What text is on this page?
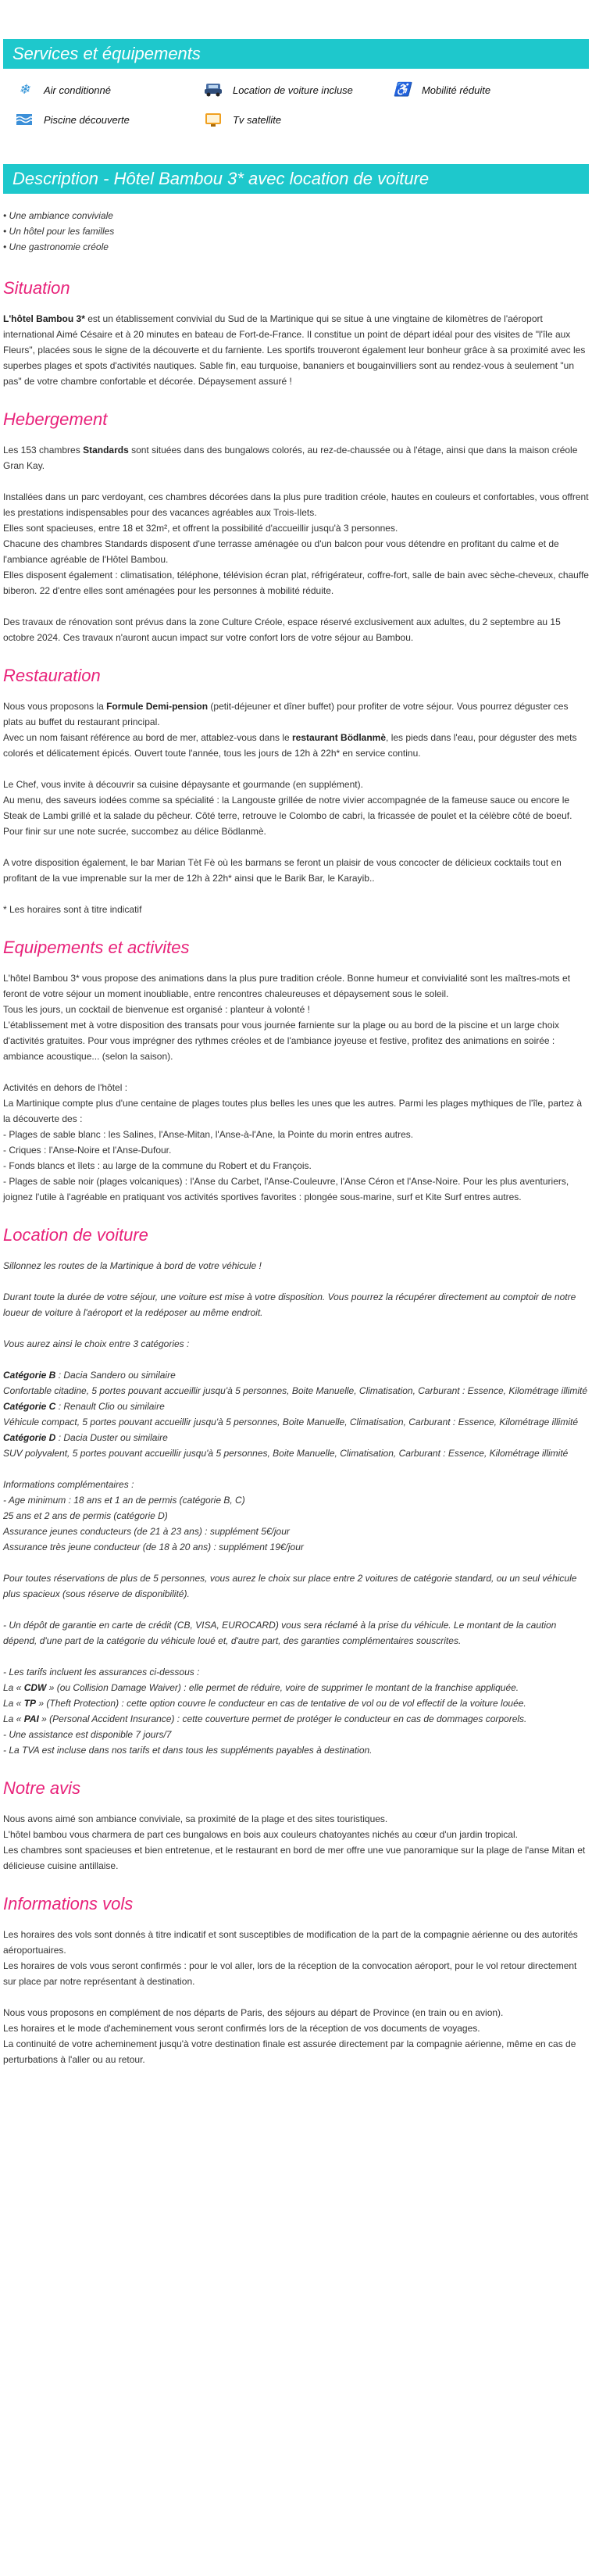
Services et équipements
❄	Air conditionné	Location de voiture incluse	♿	Mobilité réduite
Piscine découverte	Tv satellite
Description - Hôtel Bambou 3* avec location de voiture
• Une ambiance conviviale
• Un hôtel pour les familles
• Une gastronomie créole
Situation

L'hôtel Bambou 3* est un établissement convivial du Sud de la Martinique qui se situe à une vingtaine de kilomètres de l'aéroport international Aimé Césaire et à 20 minutes en bateau de Fort-de-France. Il constitue un point de départ idéal pour des visites de "l'île aux Fleurs", placées sous le signe de la découverte et du farniente. Les sportifs trouveront également leur bonheur grâce à sa proximité avec les superbes plages et spots d'activités nautiques. Sable fin, eau turquoise, bananiers et bougainvilliers sont au rendez-vous à seulement "un pas" de votre chambre confortable et décorée. Dépaysement assuré !

Hebergement

Les 153 chambres Standards sont situées dans des bungalows colorés, au rez-de-chaussée ou à l'étage, ainsi que dans la maison créole Gran Kay.

Installées dans un parc verdoyant, ces chambres décorées dans la plus pure tradition créole, hautes en couleurs et confortables, vous offrent les prestations indispensables pour des vacances agréables aux Trois-Ilets.
Elles sont spacieuses, entre 18 et 32m², et offrent la possibilité d'accueillir jusqu'à 3 personnes.
Chacune des chambres Standards disposent d'une terrasse aménagée ou d'un balcon pour vous détendre en profitant du calme et de l'ambiance agréable de l'Hôtel Bambou.
Elles disposent également : climatisation, téléphone, télévision écran plat, réfrigérateur, coffre-fort, salle de bain avec sèche-cheveux, chauffe biberon. 22 d'entre elles sont aménagées pour les personnes à mobilité réduite.

Des travaux de rénovation sont prévus dans la zone Culture Créole, espace réservé exclusivement aux adultes, du 2 septembre au 15 octobre 2024. Ces travaux n'auront aucun impact sur votre confort lors de votre séjour au Bambou.

Restauration

Nous vous proposons la Formule Demi-pension (petit-déjeuner et dîner buffet) pour profiter de votre séjour. Vous pourrez déguster ces plats au buffet du restaurant principal.
Avec un nom faisant référence au bord de mer, attablez-vous dans le restaurant Bödlanmè, les pieds dans l'eau, pour déguster des mets colorés et délicatement épicés. Ouvert toute l'année, tous les jours de 12h à 22h* en service continu.

Le Chef, vous invite à découvrir sa cuisine dépaysante et gourmande (en supplément).
Au menu, des saveurs iodées comme sa spécialité : la Langouste grillée de notre vivier accompagnée de la fameuse sauce ou encore le Steak de Lambi grillé et la salade du pêcheur. Côté terre, retrouve le Colombo de cabri, la fricassée de poulet et la célèbre côté de boeuf. Pour finir sur une note sucrée, succombez au délice Bödlanmè.

A votre disposition également, le bar Marian Tèt Fè où les barmans se feront un plaisir de vous concocter de délicieux cocktails tout en profitant de la vue imprenable sur la mer de 12h à 22h* ainsi que le Barik Bar, le Karayib..

* Les horaires sont à titre indicatif

Equipements et activites

L'hôtel Bambou 3* vous propose des animations dans la plus pure tradition créole. Bonne humeur et convivialité sont les maîtres-mots et feront de votre séjour un moment inoubliable, entre rencontres chaleureuses et dépaysement sous le soleil.
Tous les jours, un cocktail de bienvenue est organisé : planteur à volonté !
L'établissement met à votre disposition des transats pour vous journée farniente sur la plage ou au bord de la piscine et un large choix d'activités gratuites. Pour vous imprégner des rythmes créoles et de l'ambiance joyeuse et festive, profitez des animations en soirée : ambiance acoustique... (selon la saison).

Activités en dehors de l'hôtel :
La Martinique compte plus d'une centaine de plages toutes plus belles les unes que les autres. Parmi les plages mythiques de l'île, partez à la découverte des :
- Plages de sable blanc : les Salines, l'Anse-Mitan, l'Anse-à-l'Ane, la Pointe du morin entres autres.
- Criques : l'Anse-Noire et l'Anse-Dufour.
- Fonds blancs et îlets : au large de la commune du Robert et du François.
- Plages de sable noir (plages volcaniques) : l'Anse du Carbet, l'Anse-Couleuvre, l'Anse Céron et l'Anse-Noire. Pour les plus aventuriers, joignez l'utile à l'agréable en pratiquant vos activités sportives favorites : plongée sous-marine, surf et Kite Surf entres autres.

Location de voiture

Sillonnez les routes de la Martinique à bord de votre véhicule !

Durant toute la durée de votre séjour, une voiture est mise à votre disposition. Vous pourrez la récupérer directement au comptoir de notre loueur de voiture à l'aéroport et la redéposer au même endroit.

Vous aurez ainsi le choix entre 3 catégories :

Catégorie B : Dacia Sandero ou similaire
Confortable citadine, 5 portes pouvant accueillir jusqu'à 5 personnes, Boite Manuelle, Climatisation, Carburant : Essence, Kilométrage illimité
Catégorie C : Renault Clio ou similaire
Véhicule compact, 5 portes pouvant accueillir jusqu'à 5 personnes, Boite Manuelle, Climatisation, Carburant : Essence, Kilométrage illimité
Catégorie D : Dacia Duster ou similaire
SUV polyvalent, 5 portes pouvant accueillir jusqu'à 5 personnes, Boite Manuelle, Climatisation, Carburant : Essence, Kilométrage illimité

Informations complémentaires :
- Age minimum : 18 ans et 1 an de permis (catégorie B, C)
25 ans et 2 ans de permis (catégorie D)
Assurance jeunes conducteurs (de 21 à 23 ans) : supplément 5€/jour
Assurance très jeune conducteur (de 18 à 20 ans) : supplément 19€/jour

Pour toutes réservations de plus de 5 personnes, vous aurez le choix sur place entre 2 voitures de catégorie standard, ou un seul véhicule plus spacieux (sous réserve de disponibilité).

- Un dépôt de garantie en carte de crédit (CB, VISA, EUROCARD) vous sera réclamé à la prise du véhicule. Le montant de la caution dépend, d'une part de la catégorie du véhicule loué et, d'autre part, des garanties complémentaires souscrites.

- Les tarifs incluent les assurances ci-dessous :
La « CDW » (ou Collision Damage Waiver) : elle permet de réduire, voire de supprimer le montant de la franchise appliquée.
La « TP » (Theft Protection) : cette option couvre le conducteur en cas de tentative de vol ou de vol effectif de la voiture louée.
La « PAI » (Personal Accident Insurance) : cette couverture permet de protéger le conducteur en cas de dommages corporels.
- Une assistance est disponible 7 jours/7
- La TVA est incluse dans nos tarifs et dans tous les suppléments payables à destination.

Notre avis

Nous avons aimé son ambiance conviviale, sa proximité de la plage et des sites touristiques.
L'hôtel bambou vous charmera de part ces bungalows en bois aux couleurs chatoyantes nichés au cœur d'un jardin tropical.
Les chambres sont spacieuses et bien entretenue, et le restaurant en bord de mer offre une vue panoramique sur la plage de l'anse Mitan et délicieuse cuisine antillaise.

Informations vols

Les horaires des vols sont donnés à titre indicatif et sont susceptibles de modification de la part de la compagnie aérienne ou des autorités aéroportuaires.
Les horaires de vols vous seront confirmés : pour le vol aller, lors de la réception de la convocation aéroport, pour le vol retour directement sur place par notre représentant à destination.

Nous vous proposons en complément de nos départs de Paris, des séjours au départ de Province (en train ou en avion).
Les horaires et le mode d'acheminement vous seront confirmés lors de la réception de vos documents de voyages.
La continuité de votre acheminement jusqu'à votre destination finale est assurée directement par la compagnie aérienne, même en cas de perturbations à l'aller ou au retour.
